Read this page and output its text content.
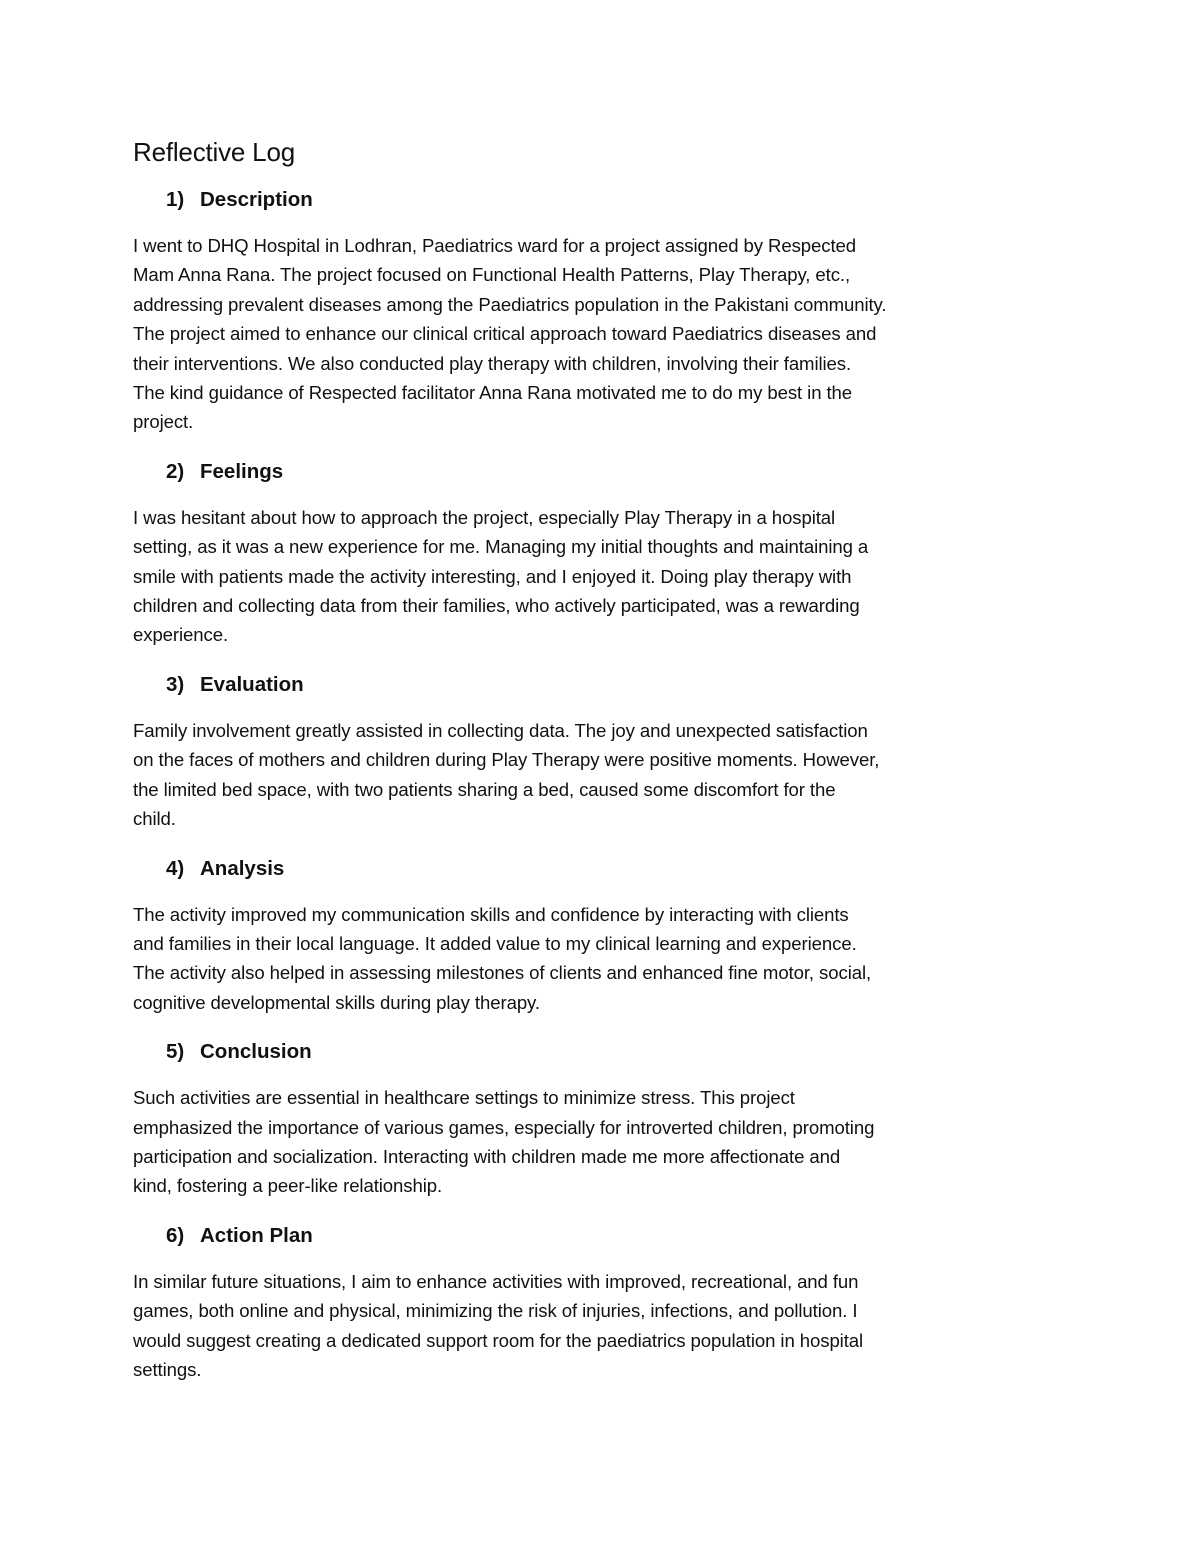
Reflective Log
1) Description

I went to DHQ Hospital in Lodhran, Paediatrics ward for a project assigned by Respected
Mam Anna Rana. The project focused on Functional Health Patterns, Play Therapy, etc.,
addressing prevalent diseases among the Paediatrics population in the Pakistani community.
The project aimed to enhance our clinical critical approach toward Paediatrics diseases and
their interventions. We also conducted play therapy with children, involving their families.
The kind guidance of Respected facilitator Anna Rana motivated me to do my best in the
project.

2) Feelings

I was hesitant about how to approach the project, especially Play Therapy in a hospital
setting, as it was a new experience for me. Managing my initial thoughts and maintaining a
smile with patients made the activity interesting, and I enjoyed it. Doing play therapy with
children and collecting data from their families, who actively participated, was a rewarding
experience.

3) Evaluation

Family involvement greatly assisted in collecting data. The joy and unexpected satisfaction
on the faces of mothers and children during Play Therapy were positive moments. However,
the limited bed space, with two patients sharing a bed, caused some discomfort for the
child.

4) Analysis

The activity improved my communication skills and confidence by interacting with clients
and families in their local language. It added value to my clinical learning and experience.
The activity also helped in assessing milestones of clients and enhanced fine motor, social,
cognitive developmental skills during play therapy.

5) Conclusion

Such activities are essential in healthcare settings to minimize stress. This project
emphasized the importance of various games, especially for introverted children, promoting
participation and socialization. Interacting with children made me more affectionate and
kind, fostering a peer-like relationship.

6) Action Plan

In similar future situations, I aim to enhance activities with improved, recreational, and fun
games, both online and physical, minimizing the risk of injuries, infections, and pollution. I
would suggest creating a dedicated support room for the paediatrics population in hospital
settings.
